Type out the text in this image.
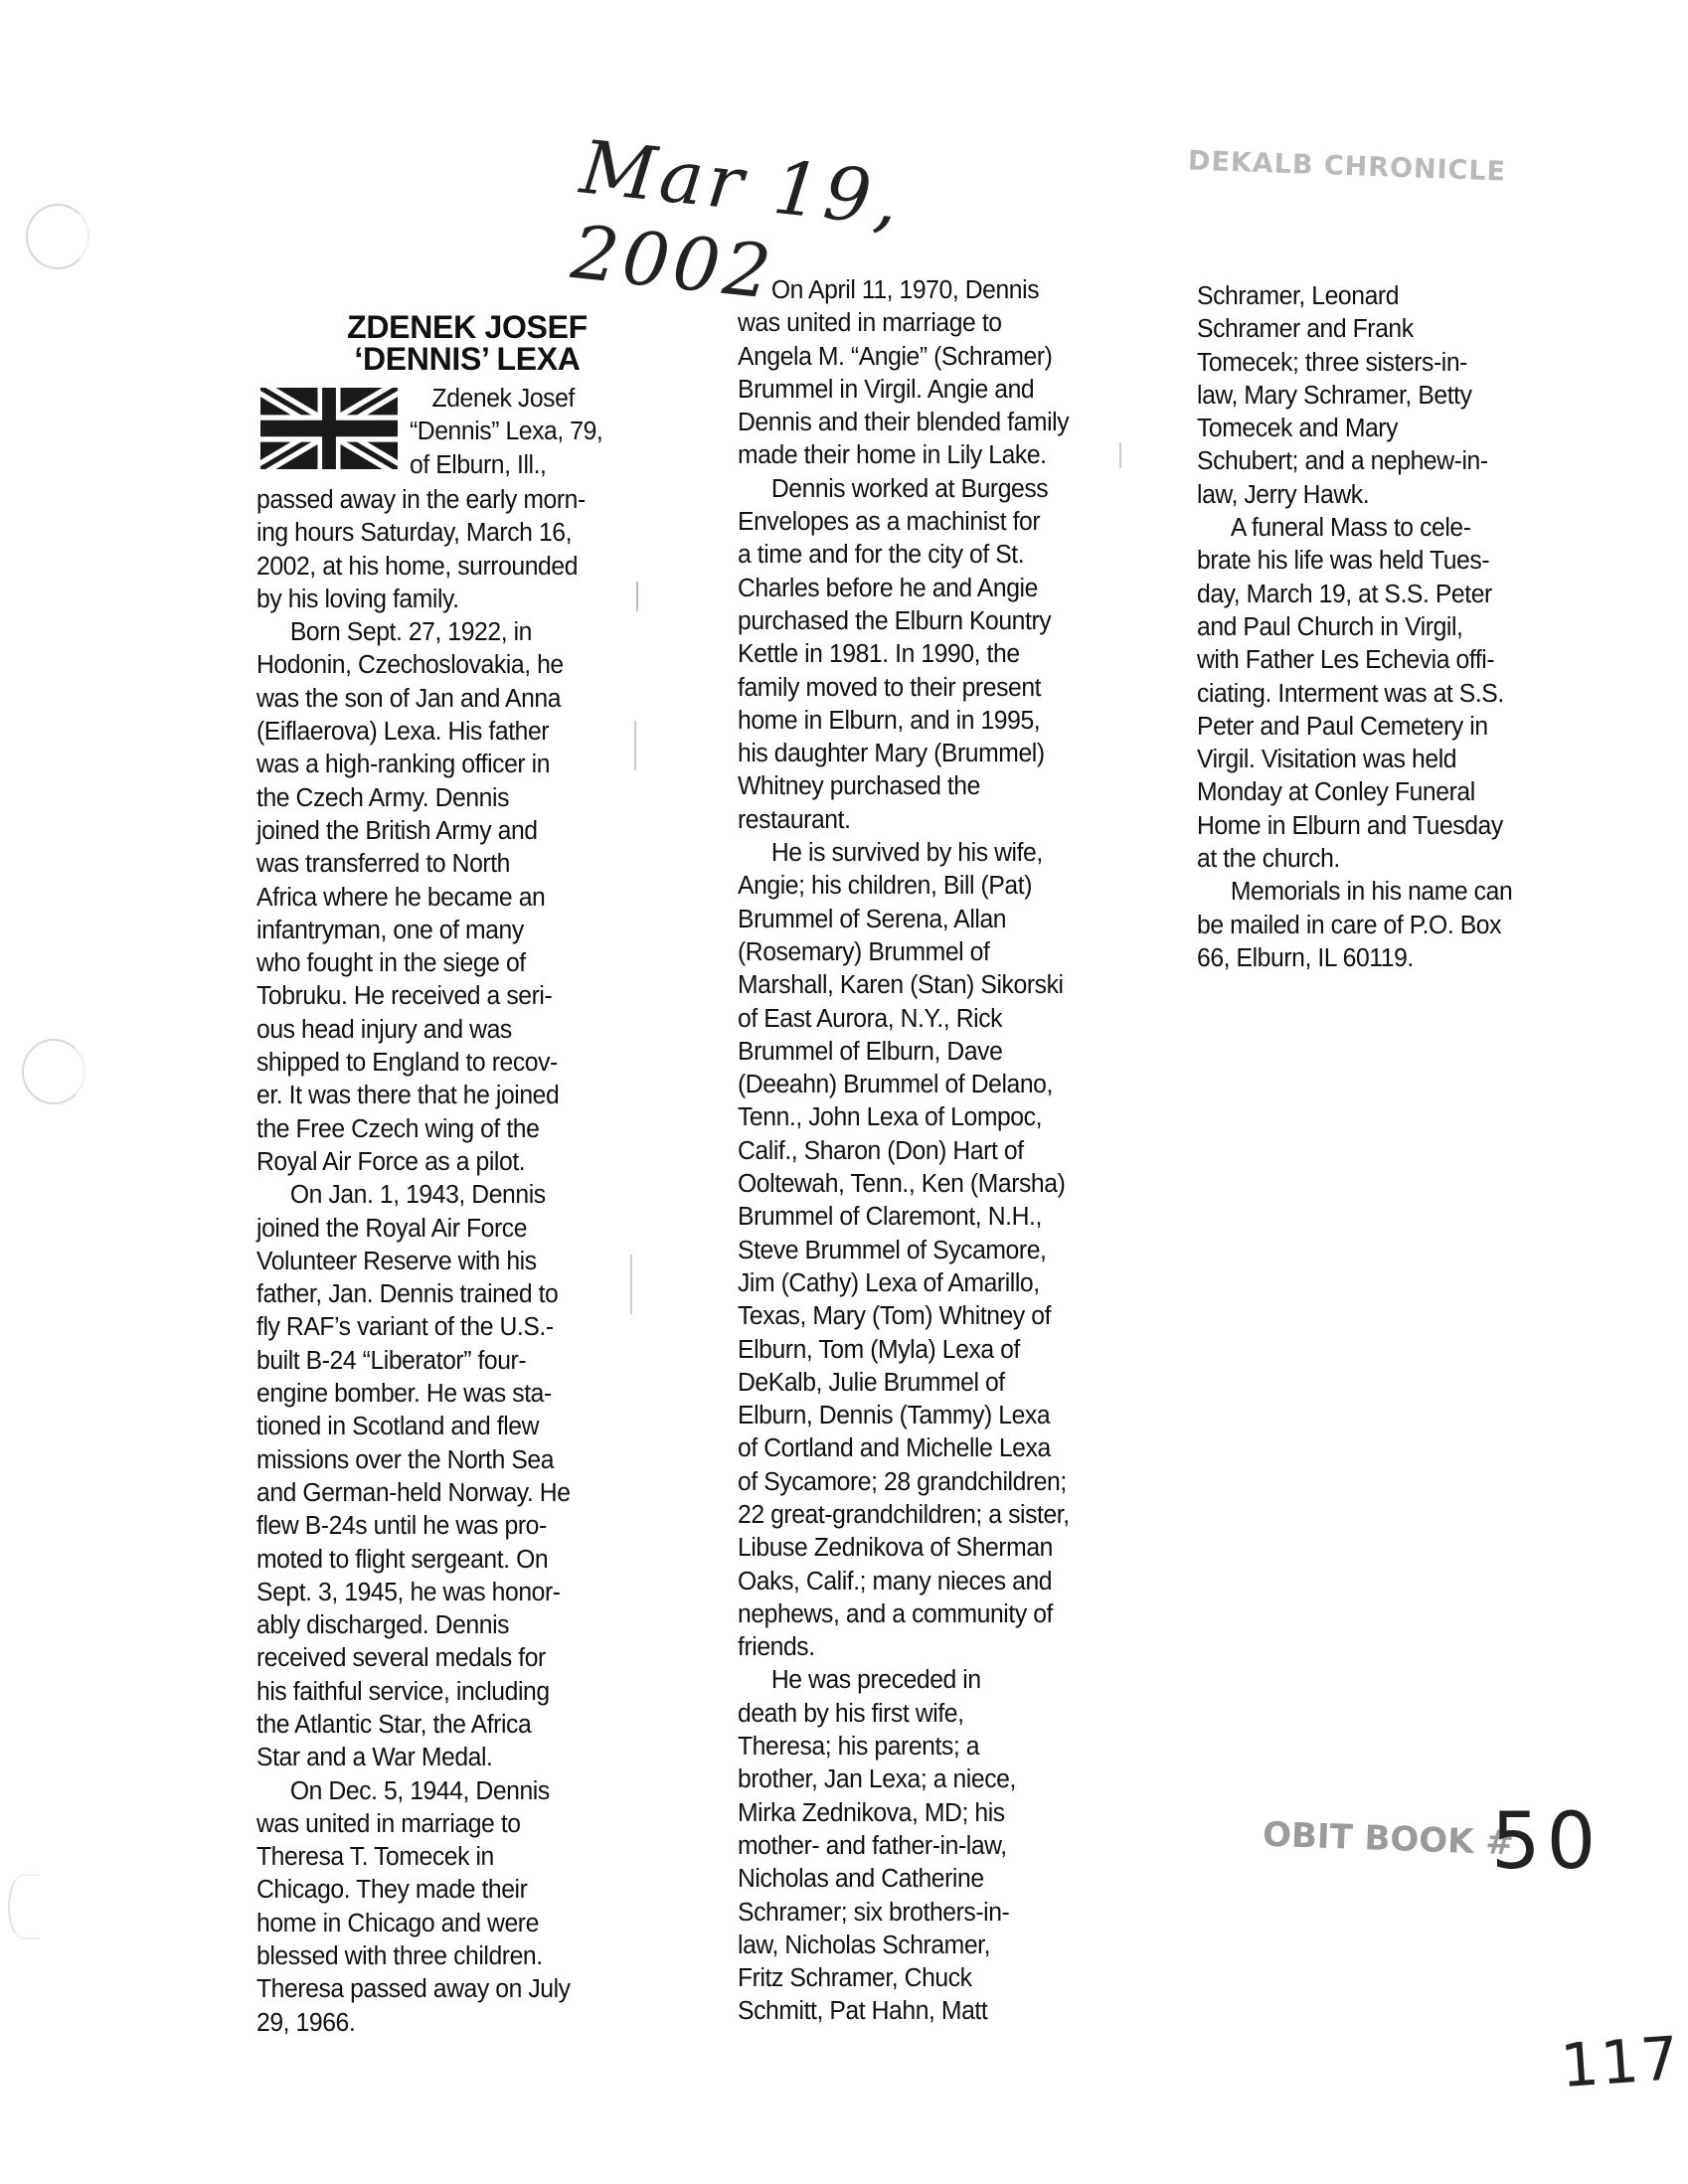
Mar 19, 2002
DEKALB CHRONICLE
ZDENEK JOSEF
‘DENNIS’ LEXA
Zdenek Josef
“Dennis” Lexa, 79,
of Elburn, Ill.,

passed away in the early morn-

ing hours Saturday, March 16,

2002, at his home, surrounded

by his loving family.

Born Sept. 27, 1922, in

Hodonin, Czechoslovakia, he

was the son of Jan and Anna

(Eiflaerova) Lexa. His father

was a high-ranking officer in

the Czech Army. Dennis

joined the British Army and

was transferred to North

Africa where he became an

infantryman, one of many

who fought in the siege of

Tobruku. He received a seri-

ous head injury and was

shipped to England to recov-

er. It was there that he joined

the Free Czech wing of the

Royal Air Force as a pilot.

On Jan. 1, 1943, Dennis

joined the Royal Air Force

Volunteer Reserve with his

father, Jan. Dennis trained to

fly RAF’s variant of the U.S.-

built B-24 “Liberator” four-

engine bomber. He was sta-

tioned in Scotland and flew

missions over the North Sea

and German-held Norway. He

flew B-24s until he was pro-

moted to flight sergeant. On

Sept. 3, 1945, he was honor-

ably discharged. Dennis

received several medals for

his faithful service, including

the Atlantic Star, the Africa

Star and a War Medal.

On Dec. 5, 1944, Dennis

was united in marriage to

Theresa T. Tomecek in

Chicago. They made their

home in Chicago and were

blessed with three children.

Theresa passed away on July

29, 1966.

On April 11, 1970, Dennis

was united in marriage to

Angela M. “Angie” (Schramer)

Brummel in Virgil. Angie and

Dennis and their blended family

made their home in Lily Lake.

Dennis worked at Burgess

Envelopes as a machinist for

a time and for the city of St.

Charles before he and Angie

purchased the Elburn Kountry

Kettle in 1981. In 1990, the

family moved to their present

home in Elburn, and in 1995,

his daughter Mary (Brummel)

Whitney purchased the

restaurant.

He is survived by his wife,

Angie; his children, Bill (Pat)

Brummel of Serena, Allan

(Rosemary) Brummel of

Marshall, Karen (Stan) Sikorski

of East Aurora, N.Y., Rick

Brummel of Elburn, Dave

(Deeahn) Brummel of Delano,

Tenn., John Lexa of Lompoc,

Calif., Sharon (Don) Hart of

Ooltewah, Tenn., Ken (Marsha)

Brummel of Claremont, N.H.,

Steve Brummel of Sycamore,

Jim (Cathy) Lexa of Amarillo,

Texas, Mary (Tom) Whitney of

Elburn, Tom (Myla) Lexa of

DeKalb, Julie Brummel of

Elburn, Dennis (Tammy) Lexa

of Cortland and Michelle Lexa

of Sycamore; 28 grandchildren;

22 great-grandchildren; a sister,

Libuse Zednikova of Sherman

Oaks, Calif.; many nieces and

nephews, and a community of

friends.

He was preceded in

death by his first wife,

Theresa; his parents; a

brother, Jan Lexa; a niece,

Mirka Zednikova, MD; his

mother- and father-in-law,

Nicholas and Catherine

Schramer; six brothers-in-

law, Nicholas Schramer,

Fritz Schramer, Chuck

Schmitt, Pat Hahn, Matt

Schramer, Leonard

Schramer and Frank

Tomecek; three sisters-in-

law, Mary Schramer, Betty

Tomecek and Mary

Schubert; and a nephew-in-

law, Jerry Hawk.

A funeral Mass to cele-

brate his life was held Tues-

day, March 19, at S.S. Peter

and Paul Church in Virgil,

with Father Les Echevia offi-

ciating. Interment was at S.S.

Peter and Paul Cemetery in

Virgil. Visitation was held

Monday at Conley Funeral

Home in Elburn and Tuesday

at the church.

Memorials in his name can

be mailed in care of P.O. Box

66, Elburn, IL 60119.

OBIT BOOK #
50
117
